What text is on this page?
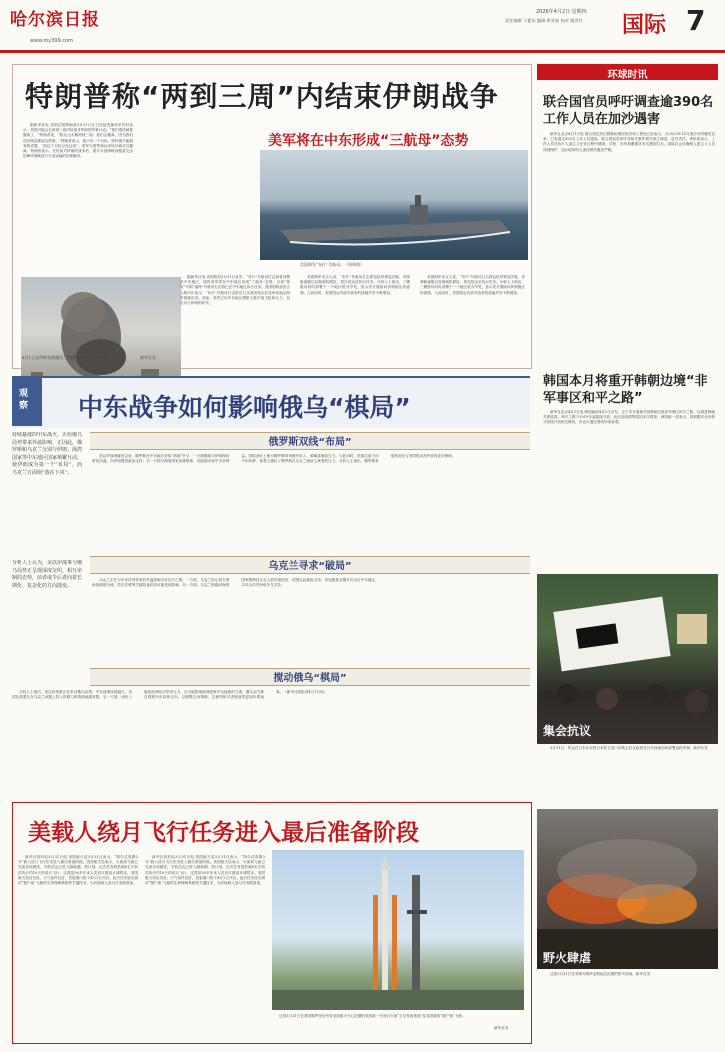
哈尔滨日报
www.my399.com
2026年4月2日 星期四
责任编辑 于素东 编辑 崔亚茹 校对 姚誉红 国际 7
特朗普称“两到三周”内结束伊朗战争
据新华社电 美国总统特朗普3月31日在白宫接受媒体采访时表示，美国可能会在两到三周内结束对伊朗的军事行动。“我们很快就要撤离了，”特朗普说，“我认为大概两到三周。我们会撤离，因为我们没有理由继续这样做。”特朗普表示，他只有一个目标，即伊朗不能拥有核武器，“而这个目标已经达成”。美军无需等到达成协议就可以撤离。特朗普表示，在结束对伊朗的战争后，霍尔木兹海峡问题将交由依赖该海峡进行石油运输的国家解决。
美军将在中东形成“三航母”态势
美国海军“布什”号航母。（资料图）
据新华社电 美国政府3月31日宣布，“布什”号航母打击群将部署至中东地区，届时美军将在中东地区形成“三航母”态势。目前“林肯”号和“福特”号航母打击群已在中东地区执行任务。美国国防部发言人帕内尔表示，“布什”号航母打击群近日从美国弗吉尼亚州诺福克海军基地出发。此前，美军已向中东地区增派大批作战飞机和兵力，以应对与伊朗的冲突。
美国海军发言人说，“布什”号航母打击群包括导弹巡洋舰、导弹驱逐舰以及舰载机联队，将在抵达后执行任务。分析人士指出，三艘航母同时部署于一个地区较为罕见，显示美方继续向伊朗施压的意图。与此同时，美国国会内部对战争的质疑声音不断增加。
美国海军发言人说，“布什”号航母打击群包括导弹巡洋舰、导弹驱逐舰以及舰载机联队，将在抵达后执行任务。分析人士指出，三艘航母同时部署于一个地区较为罕见，显示美方继续向伊朗施压的意图。与此同时，美国国会内部对战争的质疑声音不断增加。
4月1日在伊朗首都德黑兰拍摄的爆炸产生的浓烟。	新华社发
环球时讯
联合国官员呼吁调查逾390名工作人员在加沙遇害
新华社北京4月1日电 联合国近东巴勒斯坦难民救济和工程处日前表示，自2023年10月加沙冲突爆发以来，已有超过390名工作人员遇害。联合国官员呼吁对相关事件展开独立调查，追究责任。该机构表示，工作人员在执行人道主义任务过程中遇难，学校、诊所和避难所多次遭到打击。国际社会应确保人道主义人员得到保护，加沙地带的人道局势仍极其严峻。
韩国本月将重开韩朝边境“非军事区和平之路”
新华社北京4月1日电 韩国政府4月1日宣布，定于本月重新开放韩朝边境非军事区和平之路，以推进韩朝关系改善。和平之路于2019年起陆续开放，此后因疫情等原因多次暂停。韩国统一部表示，将根据安全形势分阶段开放相关路线，民众可通过网络申请参观。
集会抗议
3月31日，民众在日本东京的日本防卫省门前集会抗议政府在日本西南岛屿部署远程导弹。新华社发
野火肆虐
这是3月31日在菲律宾维萨亚斯地区拍摄的野火现场。新华社发
观察 中东战争如何影响俄乌“棋局”
持续暴涨的中东战火，正给俄乌局势带来外溢影响，正因此，俄罗斯和乌克兰分别与伊朗、海湾国家等中东地区国家频繁互动，使伊朗成为第一个“布局”，而乌克兰方面则“落在下风”。
分析人士认为，美以伊战事与俄乌局势正呈现深度交织，相互牵制的态势，前者或令后者向着长期化、复杂化的方向演变。
俄罗斯双线“布局”
美以伊战事爆发以来，俄罗斯在中东地区采取“两面”外交：一方面继续与伊朗保持密切沟通，向伊朗提供政治支持；另一方面与海湾国家加强联系，在能源市场中寻求利益。国际油价上涨为俄罗斯带来额外收入，缓解其财政压力。与此同时，美国注意力向中东转移，客观上减轻了俄罗斯在乌克兰战场上承受的压力。分析人士指出，俄罗斯希望借此在与美国的谈判中获得更多筹码。
乌克兰寻求“破局”
乌克兰正在为中东冲突带来的外溢影响寻求应对之策。一方面，乌克兰担心西方援助资源被分流，防空导弹等关键装备供应可能受到影响；另一方面，乌克兰积极向海湾国家推销其反无人机作战经验，试图以此换取支持。泽连斯基近期多次出访中东地区，寻求合作并争取外交支持。
搅动俄乌“棋局”
分析人士指出，美以伊战事正在牵动俄乌局势。中东战事持续越久，美国及其盟友在乌克兰问题上投入的精力和资源就越有限。另一方面，油价上涨给欧洲经济带来压力，也可能影响欧洲国家对乌援助的力度。俄乌双方都在观察中东局势走向，以调整自身策略，这使得和平进程前景更加扑朔迷离。（新华社国际部4月1日电）
美载人绕月飞行任务进入最后准备阶段
新华社洛杉矶3月31日电 美国航天局3月31日表示，“阿尔忒弥斯2号”载人绕月飞行任务进入最后准备阶段。美国航天局表示，火箭和飞船已完成各项测试，宇航员也已进入隔离期。按计划，这次任务将搭载4名宇航员执行约10天的绕月飞行，这将是50多年来人类首次重返月球附近。美国航天局官员说，天气条件良好，发射窗口将于4月1日开启。此次任务旨在测试“猎户座”飞船的生命保障系统等关键技术，为后续载人登月任务做准备。
新华社洛杉矶3月31日电 美国航天局3月31日表示，“阿尔忒弥斯2号”载人绕月飞行任务进入最后准备阶段。美国航天局表示，火箭和飞船已完成各项测试，宇航员也已进入隔离期。按计划，这次任务将搭载4名宇航员执行约10天的绕月飞行，这将是50多年来人类首次重返月球附近。美国航天局官员说，天气条件良好，发射窗口将于4月1日开启。此次任务旨在测试“猎户座”飞船的生命保障系统等关键技术，为后续载人登月任务做准备。
这是3月31日在美国佛罗里达州肯尼迪航天中心拍摄的美国新一代登月火箭“太空发射系统”及其搭载的“猎户座”飞船。
新华社发
